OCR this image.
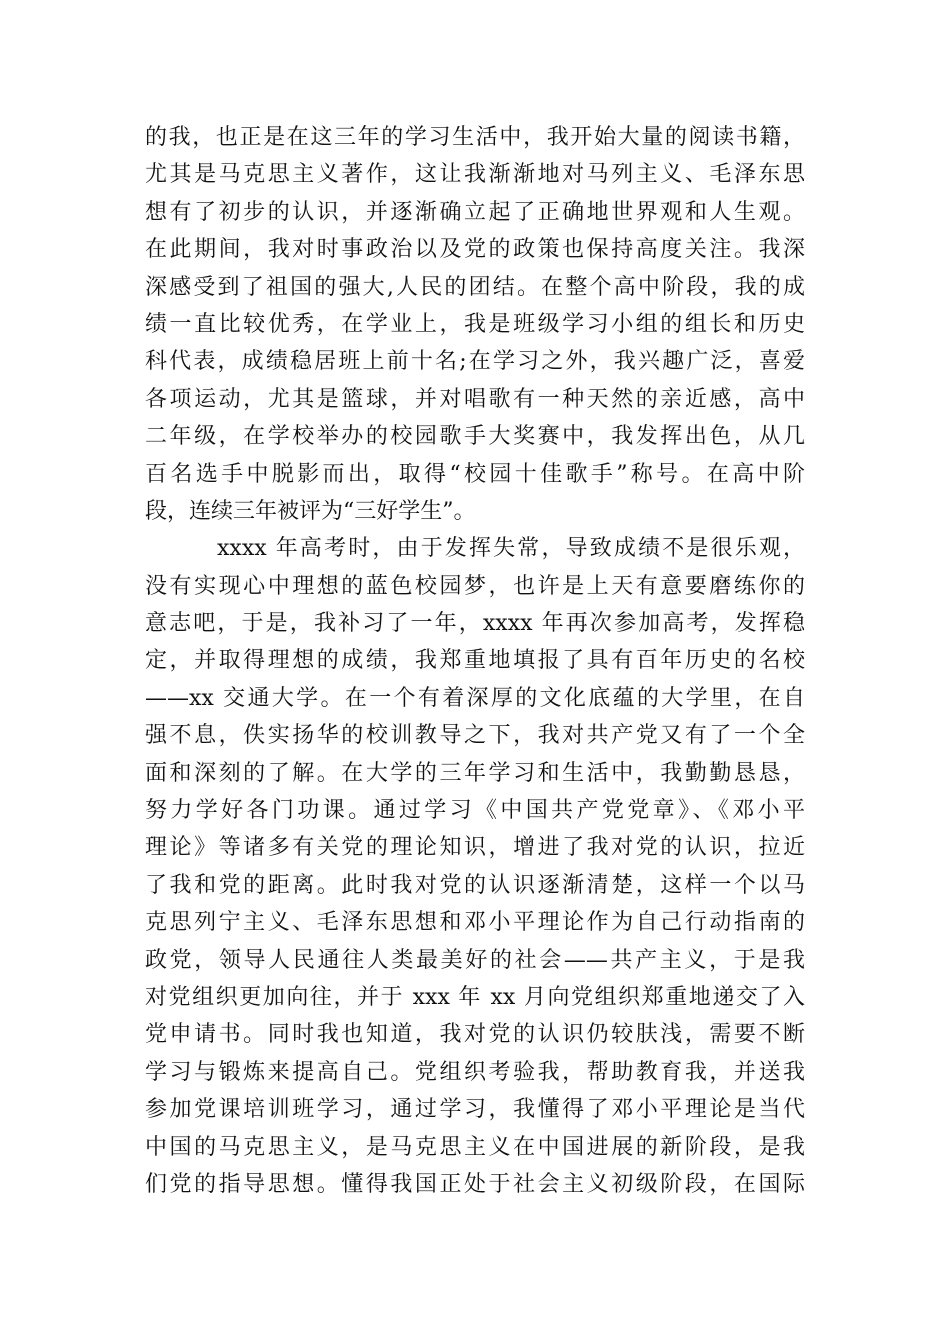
的我，也正是在这三年的学习生活中，我开始大量的阅读书籍，
尤其是马克思主义著作，这让我渐渐地对马列主义、毛泽东思
想有了初步的认识，并逐渐确立起了正确地世界观和人生观。
在此期间，我对时事政治以及党的政策也保持高度关注。我深
深感受到了祖国的强大,人民的团结。在整个高中阶段，我的成
绩一直比较优秀，在学业上，我是班级学习小组的组长和历史
科代表，成绩稳居班上前十名;在学习之外，我兴趣广泛，喜爱
各项运动，尤其是篮球，并对唱歌有一种天然的亲近感，高中
二年级，在学校举办的校园歌手大奖赛中，我发挥出色，从几
百名选手中脱影而出，取得“校园十佳歌手”称号。在高中阶
段，连续三年被评为“三好学生”。
xxxx 年高考时，由于发挥失常，导致成绩不是很乐观，
没有实现心中理想的蓝色校园梦，也许是上天有意要磨练你的
意志吧，于是，我补习了一年，xxxx 年再次参加高考，发挥稳
定，并取得理想的成绩，我郑重地填报了具有百年历史的名校
——xx 交通大学。在一个有着深厚的文化底蕴的大学里，在自
强不息，佚实扬华的校训教导之下，我对共产党又有了一个全
面和深刻的了解。在大学的三年学习和生活中，我勤勤恳恳，
努力学好各门功课。通过学习《中国共产党党章》、《邓小平
理论》等诸多有关党的理论知识，增进了我对党的认识，拉近
了我和党的距离。此时我对党的认识逐渐清楚，这样一个以马
克思列宁主义、毛泽东思想和邓小平理论作为自己行动指南的
政党，领导人民通往人类最美好的社会——共产主义，于是我
对党组织更加向往，并于 xxx 年 xx 月向党组织郑重地递交了入
党申请书。同时我也知道，我对党的认识仍较肤浅，需要不断
学习与锻炼来提高自己。党组织考验我，帮助教育我，并送我
参加党课培训班学习，通过学习，我懂得了邓小平理论是当代
中国的马克思主义，是马克思主义在中国进展的新阶段，是我
们党的指导思想。懂得我国正处于社会主义初级阶段，在国际
